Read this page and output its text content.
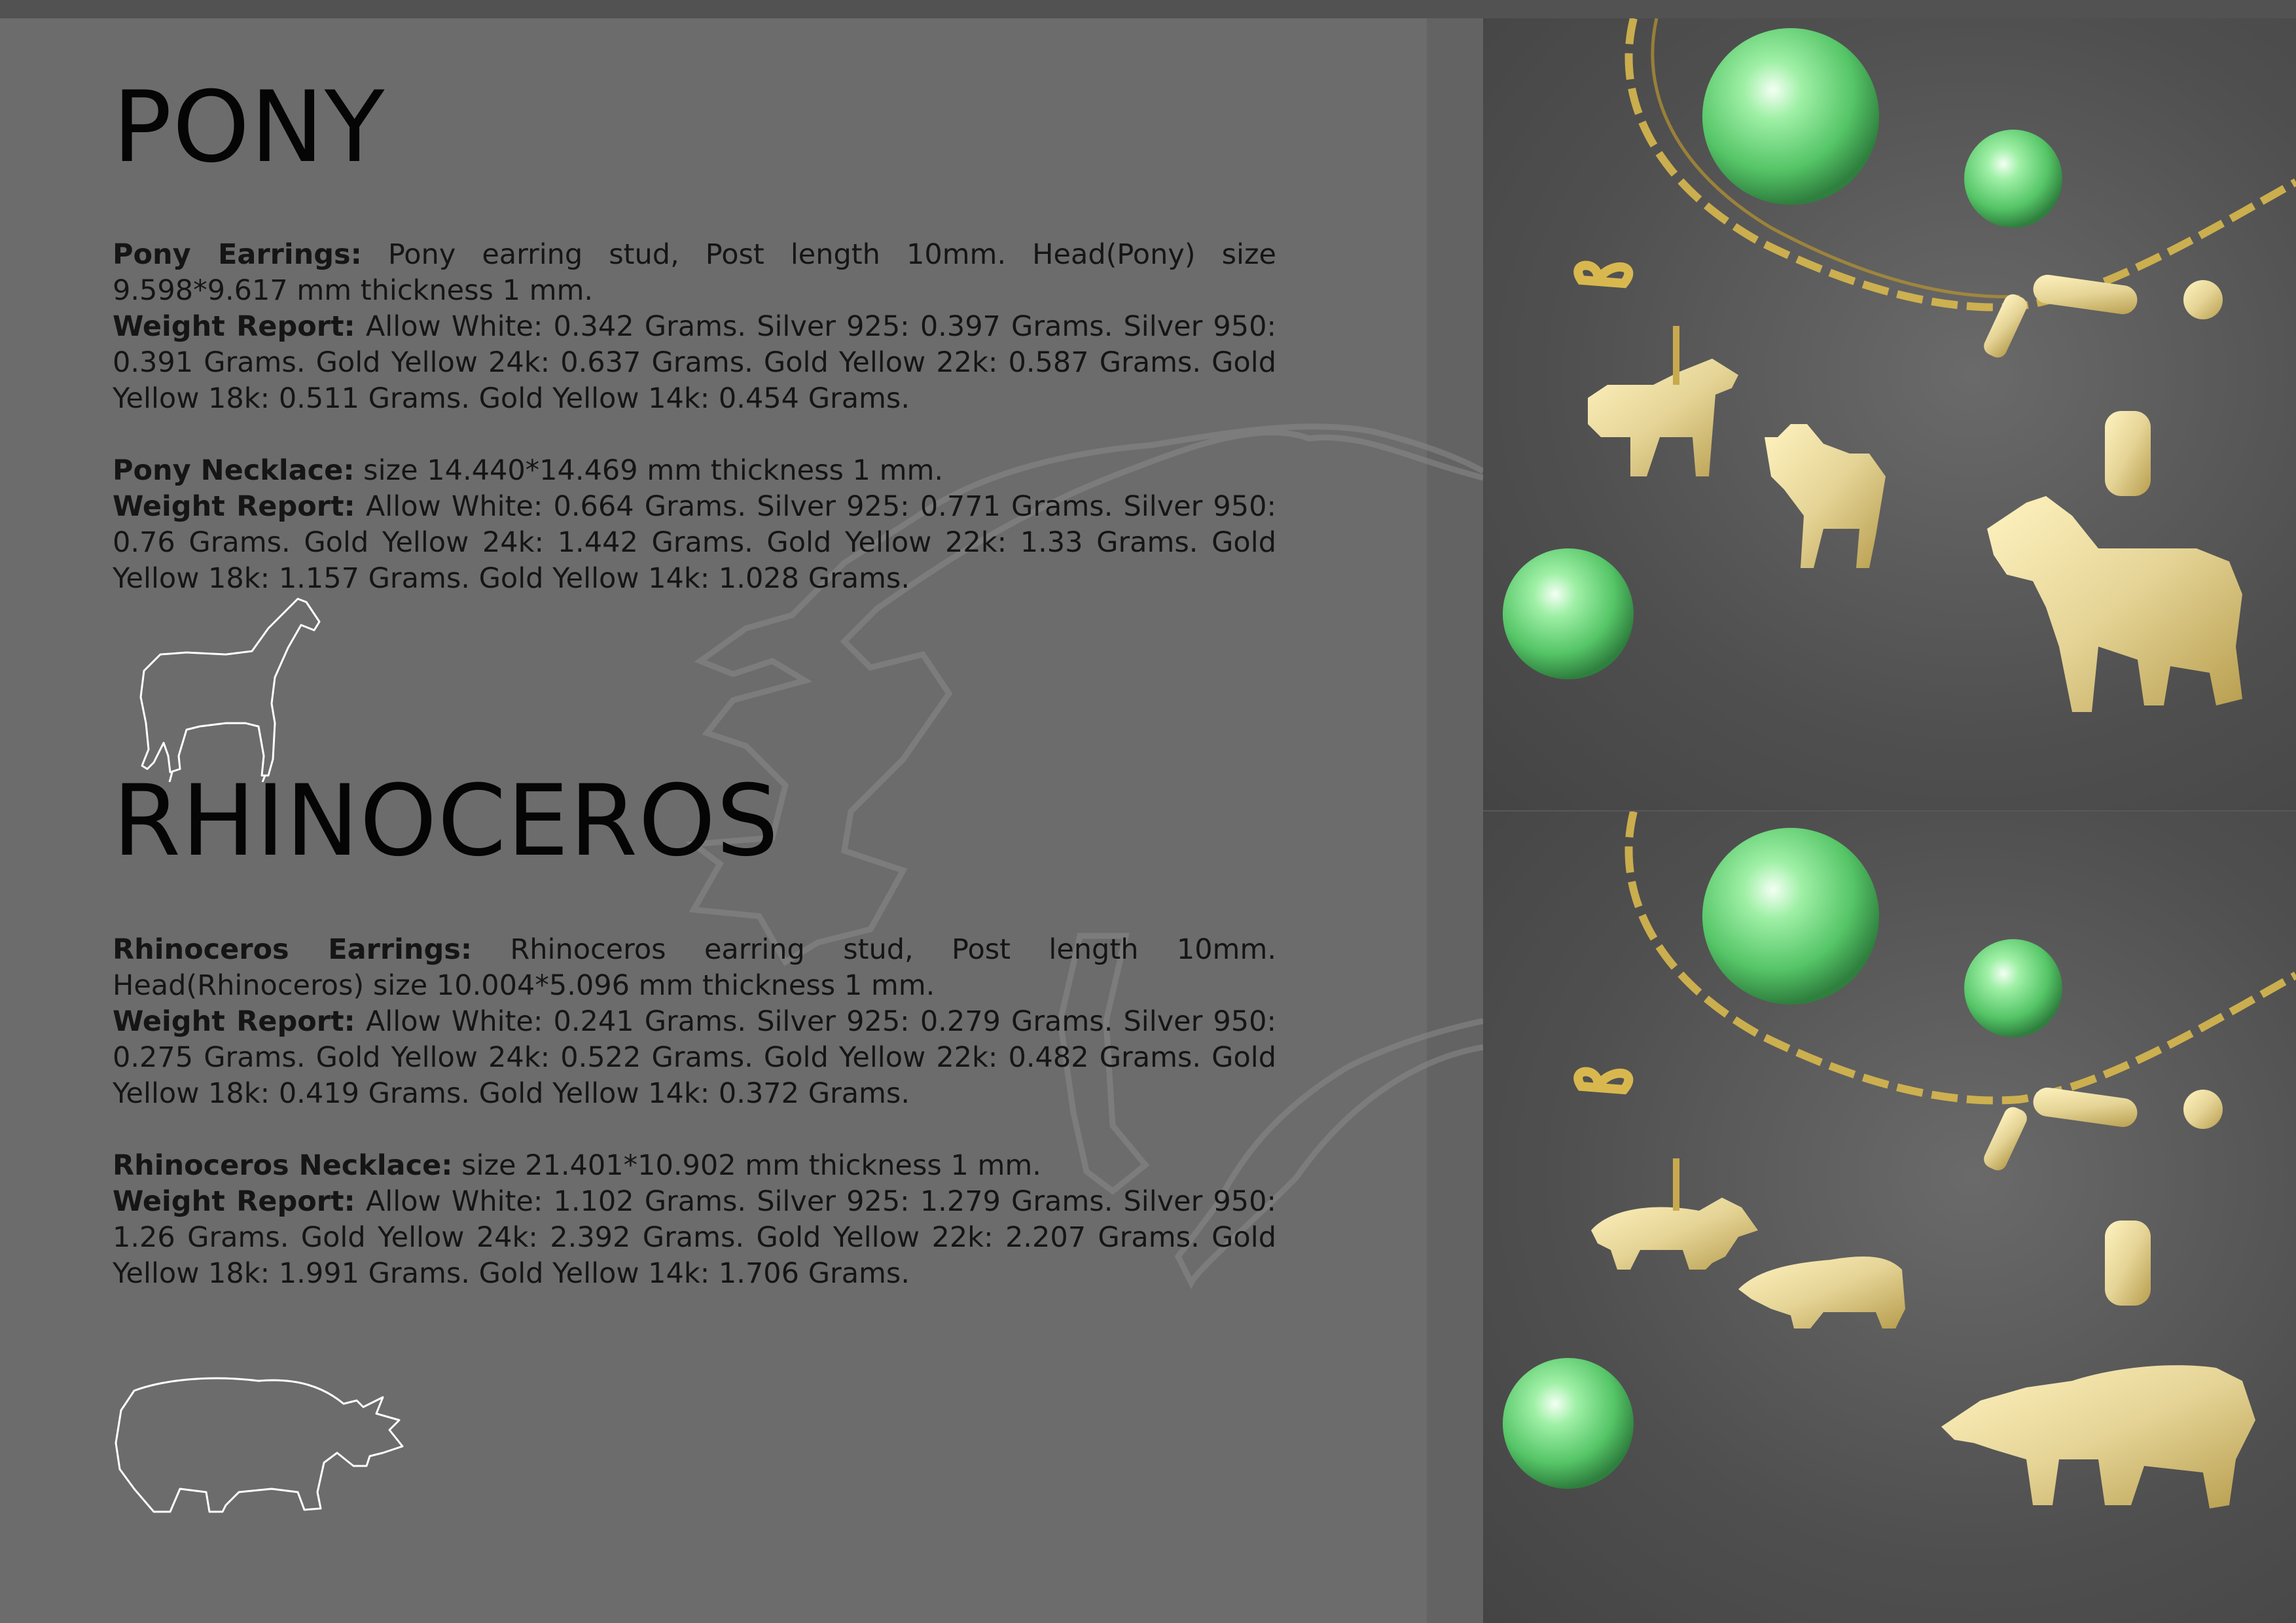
PONY

Pony Earrings: Pony earring stud, Post length 10mm. Head(Pony) size 9.598*9.617 mm thickness 1 mm.

Weight Report: Allow White: 0.342 Grams. Silver 925: 0.397 Grams. Silver 950: 0.391 Grams. Gold Yellow 24k: 0.637 Grams. Gold Yellow 22k: 0.587 Grams. Gold Yellow 18k: 0.511 Grams. Gold Yellow 14k: 0.454 Grams.

Pony Necklace: size 14.440*14.469 mm thickness 1 mm.

Weight Report: Allow White: 0.664 Grams. Silver 925: 0.771 Grams. Silver 950: 0.76 Grams. Gold Yellow 24k: 1.442 Grams. Gold Yellow 22k: 1.33 Grams. Gold Yellow 18k: 1.157 Grams. Gold Yellow 14k: 1.028 Grams.

RHINOCEROS

Rhinoceros Earrings: Rhinoceros earring stud, Post length 10mm. Head(Rhinoceros) size 10.004*5.096 mm thickness 1 mm.

Weight Report: Allow White: 0.241 Grams. Silver 925: 0.279 Grams. Silver 950: 0.275 Grams. Gold Yellow 24k: 0.522 Grams. Gold Yellow 22k: 0.482 Grams. Gold Yellow 18k: 0.419 Grams. Gold Yellow 14k: 0.372 Grams.

Rhinoceros Necklace: size 21.401*10.902 mm thickness 1 mm.

Weight Report: Allow White: 1.102 Grams. Silver 925: 1.279 Grams. Silver 950: 1.26 Grams. Gold Yellow 24k: 2.392 Grams. Gold Yellow 22k: 2.207 Grams. Gold Yellow 18k: 1.991 Grams. Gold Yellow 14k: 1.706 Grams.
